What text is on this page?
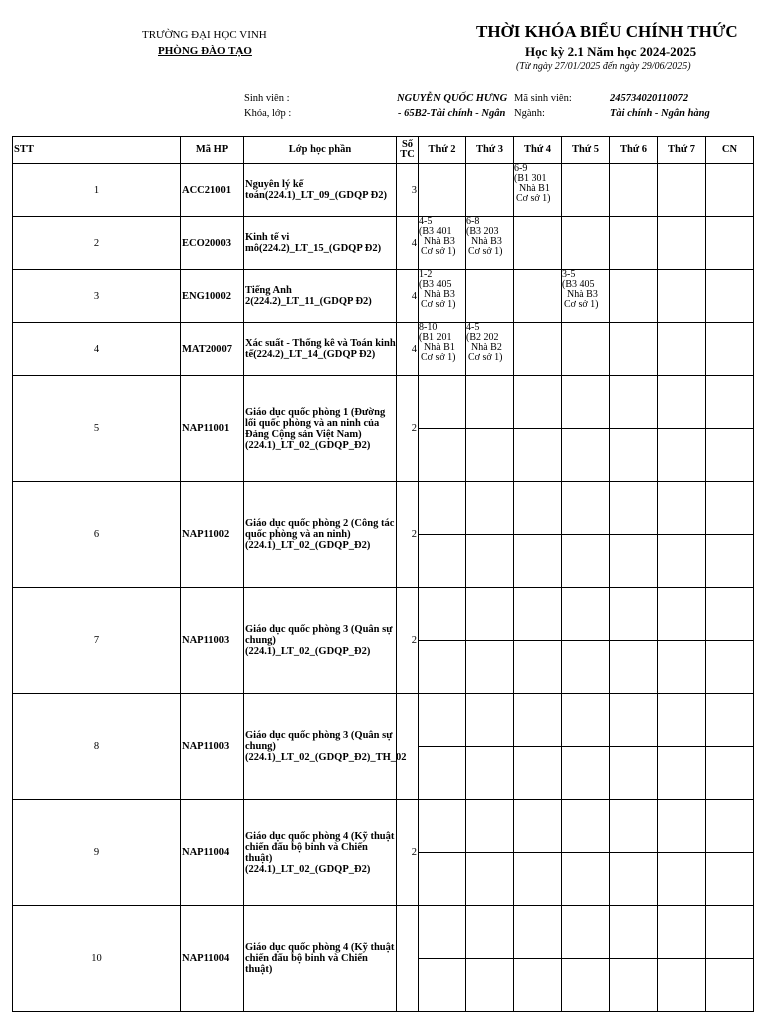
TRƯỜNG ĐẠI HỌC VINH
PHÒNG ĐÀO TẠO
THỜI KHÓA BIỂU CHÍNH THỨC
Học kỳ 2.1 Năm học 2024-2025
(Từ ngày 27/01/2025 đến ngày 29/06/2025)
Sinh viên :	NGUYỄN QUỐC HƯNG Mã sinh viên:	245734020110072
Khóa, lớp :	- 65B2-Tài chính - Ngân Ngành:	Tài chính - Ngân hàng
STT	Mã HP	Lớp học phần	Số
TC	Thứ 2	Thứ 3	Thứ 4	Thứ 5	Thứ 6	Thứ 7	CN
1	ACC21001	Nguyên lý kế toán(224.1)_LT_09_(GDQP Đ2)	3			6-9
(B1 301
Nhà B1
Cơ sở 1)				

2	ECO20003	Kinh tế vi mô(224.2)_LT_15_(GDQP Đ2)	4	4-5
(B3 401
Nhà B3
Cơ sở 1)	6-8
(B3 203
Nhà B3
Cơ sở 1)					

3	ENG10002	Tiếng Anh 2(224.2)_LT_11_(GDQP Đ2)	4	1-2
(B3 405
Nhà B3
Cơ sở 1)			3-5
(B3 405
Nhà B3
Cơ sở 1)			

4	MAT20007	Xác suất - Thống kê và Toán kinh tế(224.2)_LT_14_(GDQP Đ2)	4	8-10
(B1 201
Nhà B1
Cơ sở 1)	4-5
(B2 202
Nhà B2
Cơ sở 1)					

5	NAP11001	Giáo dục quốc phòng 1 (Đường lối quốc phòng và an ninh của Đảng Cộng sản Việt Nam)(224.1)_LT_02_(GDQP_Đ2)	2							

6	NAP11002	Giáo dục quốc phòng 2 (Công tác quốc phòng và an ninh)(224.1)_LT_02_(GDQP_Đ2)	2							

7	NAP11003	Giáo dục quốc phòng 3 (Quân sự chung)(224.1)_LT_02_(GDQP_Đ2)	2							

8	NAP11003	Giáo dục quốc phòng 3 (Quân sự chung)(224.1)_LT_02_(GDQP_Đ2)_TH_02								

9	NAP11004	Giáo dục quốc phòng 4 (Kỹ thuật chiến đấu bộ binh và Chiến thuật)(224.1)_LT_02_(GDQP_Đ2)	2							

10	NAP11004	Giáo dục quốc phòng 4 (Kỹ thuật chiến đấu bộ binh và Chiến thuật)								
